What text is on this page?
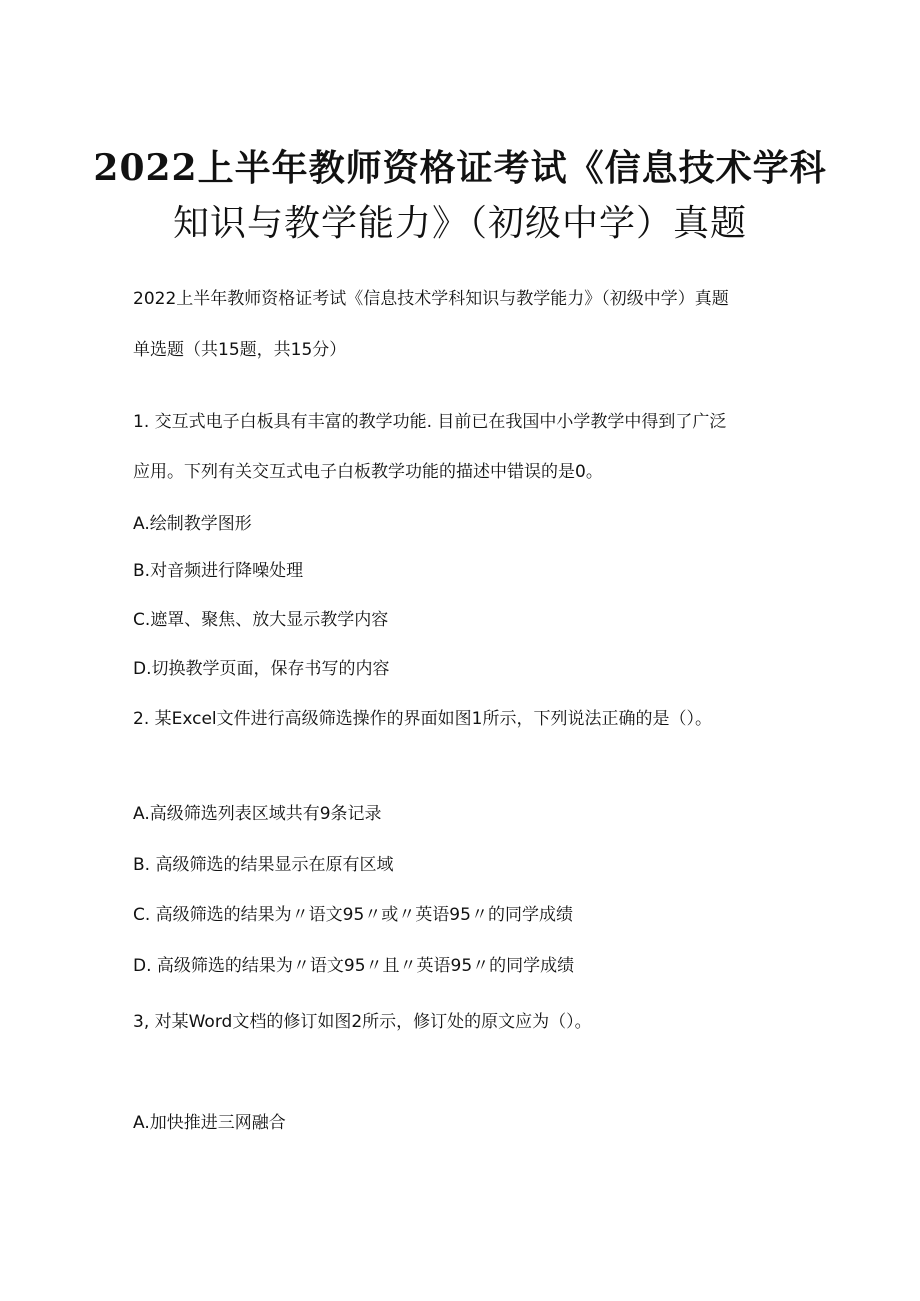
2022上半年教师资格证考试《信息技术学科
知识与教学能力》（初级中学）真题

2022上半年教师资格证考试《信息技术学科知识与教学能力》（初级中学）真题

单选题（共15题，共15分）

1. 交互式电子白板具有丰富的教学功能. 目前已在我国中小学教学中得到了广泛

应用。下列有关交互式电子白板教学功能的描述中错误的是0。

A.绘制教学图形

B.对音频进行降噪处理

C.遮罩、聚焦、放大显示教学内容

D.切换教学页面，保存书写的内容

2. 某Excel文件进行高级筛选操作的界面如图1所示，下列说法正确的是（）。

A.高级筛选列表区域共有9条记录

B. 高级筛选的结果显示在原有区域

C. 高级筛选的结果为〃语文95〃或〃英语95〃的同学成绩

D. 高级筛选的结果为〃语文95〃且〃英语95〃的同学成绩

3, 对某Word文档的修订如图2所示，修订处的原文应为（）。

A.加快推进三网融合
